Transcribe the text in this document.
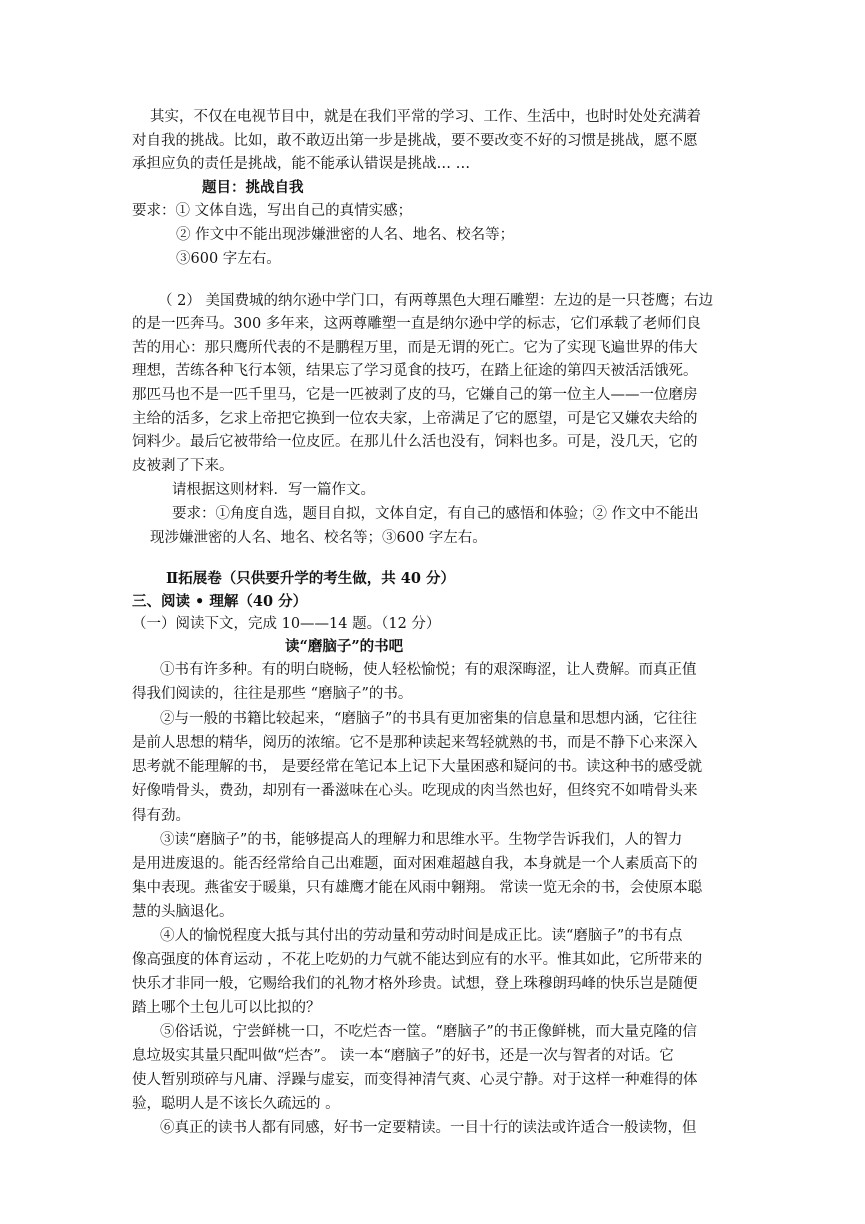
其实，不仅在电视节目中，就是在我们平常的学习、工作、生活中，也时时处处充满着
对自我的挑战。比如，敢不敢迈出第一步是挑战，要不要改变不好的习惯是挑战，愿不愿
承担应负的责任是挑战，能不能承认错误是挑战… …
题目：挑战自我
要求：① 文体自选，写出自己的真情实感；
② 作文中不能出现涉嫌泄密的人名、地名、校名等；
③600 字左右。
（ 2） 美国费城的纳尔逊中学门口，有两尊黑色大理石雕塑：左边的是一只苍鹰；右边
的是一匹奔马。300 多年来，这两尊雕塑一直是纳尔逊中学的标志，它们承载了老师们良
苦的用心：那只鹰所代表的不是鹏程万里，而是无谓的死亡。它为了实现飞遍世界的伟大
理想，苦练各种飞行本领，结果忘了学习觅食的技巧，在踏上征途的第四天被活活饿死。
那匹马也不是一匹千里马，它是一匹被剥了皮的马，它嫌自己的第一位主人——一位磨房
主给的活多，乞求上帝把它换到一位农夫家，上帝满足了它的愿望，可是它又嫌农夫给的
饲料少。最后它被带给一位皮匠。在那儿什么活也没有，饲料也多。可是，没几天，它的
皮被剥了下来。
请根据这则材料．写一篇作文。
要求：①角度自选，题目自拟，文体自定，有自己的感悟和体验；② 作文中不能出
现涉嫌泄密的人名、地名、校名等；③600 字左右。
Ⅱ拓展卷（只供要升学的考生做，共 40 分）
三、阅读 • 理解（40 分）
（一）阅读下文，完成 10——14 题。（12 分）
读“磨脑子”的书吧
①书有许多种。有的明白晓畅，使人轻松愉悦；有的艰深晦涩，让人费解。而真正值
得我们阅读的，往往是那些 “磨脑子”的书。
②与一般的书籍比较起来，“磨脑子”的书具有更加密集的信息量和思想内涵，它往往
是前人思想的精华，阅历的浓缩。它不是那种读起来驾轻就熟的书，而是不静下心来深入
思考就不能理解的书， 是要经常在笔记本上记下大量困惑和疑问的书。读这种书的感受就
好像啃骨头，费劲，却别有一番滋味在心头。吃现成的肉当然也好，但终究不如啃骨头来
得有劲。
③读“磨脑子”的书，能够提高人的理解力和思维水平。生物学告诉我们，人的智力
是用进废退的。能否经常给自己出难题，面对困难超越自我，本身就是一个人素质高下的
集中表现。燕雀安于暖巢，只有雄鹰才能在风雨中翱翔。 常读一览无余的书，会使原本聪
慧的头脑退化。
④人的愉悦程度大抵与其付出的劳动量和劳动时间是成正比。读“磨脑子”的书有点
像高强度的体育运动 ，不花上吃奶的力气就不能达到应有的水平。惟其如此，它所带来的
快乐才非同一般，它赐给我们的礼物才格外珍贵。试想，登上珠穆朗玛峰的快乐岂是随便
踏上哪个土包儿可以比拟的？
⑤俗话说，宁尝鲜桃一口，不吃烂杏一筐。“磨脑子”的书正像鲜桃，而大量克隆的信
息垃圾实其量只配叫做“烂杏”。 读一本“磨脑子”的好书，还是一次与智者的对话。它
使人暂别琐碎与凡庸、浮躁与虚妄，而变得神清气爽、心灵宁静。对于这样一种难得的体
验，聪明人是不该长久疏远的 。
⑥真正的读书人都有同感，好书一定要精读。一目十行的读法或许适合一般读物，但
